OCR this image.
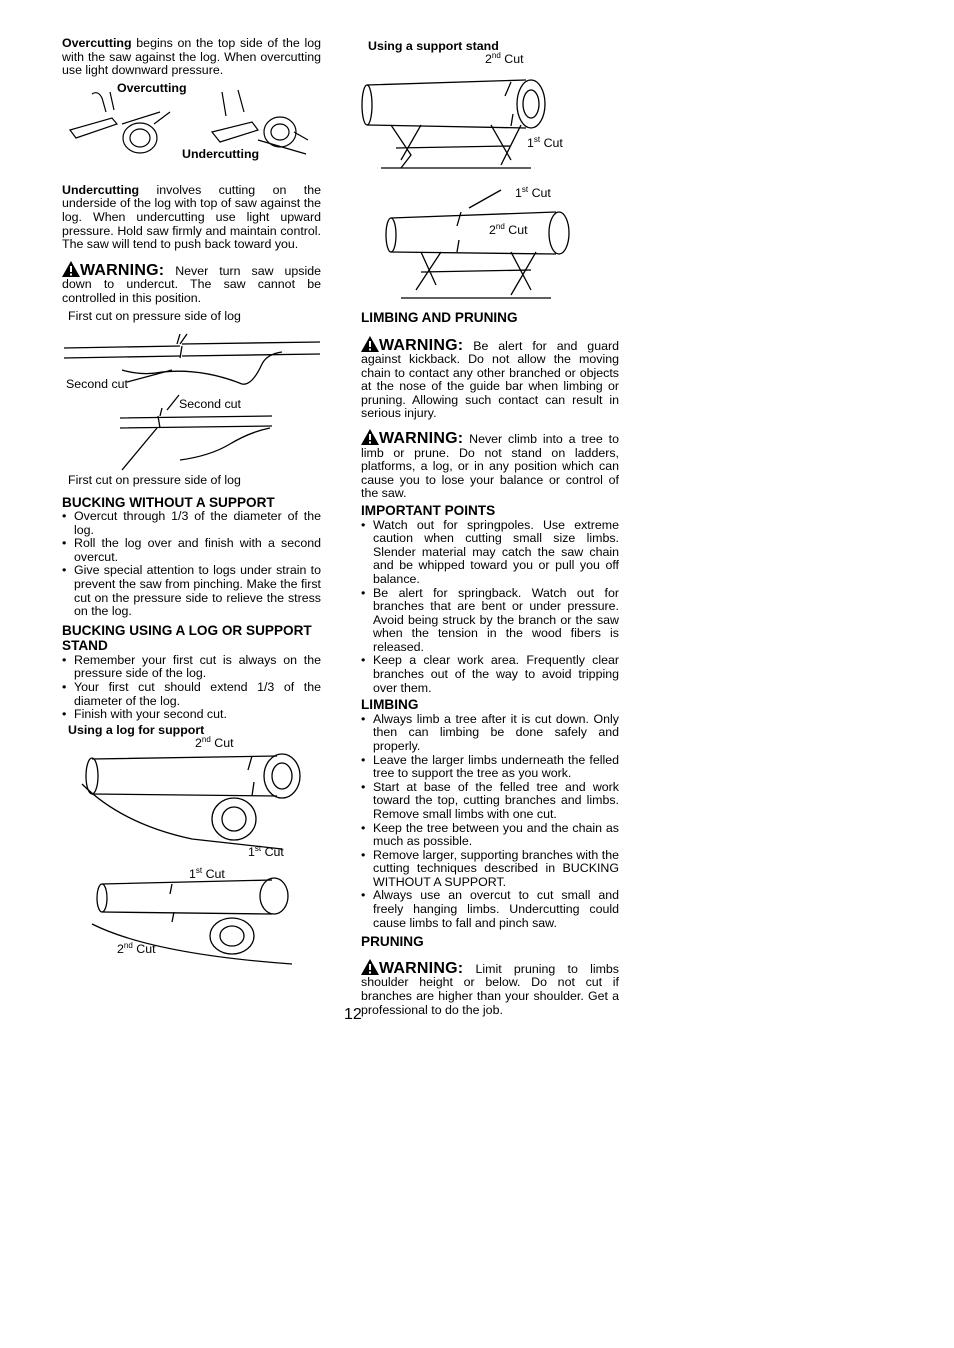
Overcutting begins on the top side of the log with the saw against the log. When overcutting use light downward pressure.

Overcutting
Undercutting

Undercutting involves cutting on the underside of the log with top of saw against the log. When undercutting use light upward pressure. Hold saw firmly and maintain control. The saw will tend to push back toward you.

WARNING: Never turn saw upside down to undercut. The saw cannot be controlled in this position.

First cut on pressure side of log
Second cut
Second cut
First cut on pressure side of log
BUCKING WITHOUT A SUPPORT
• Overcut through 1/3 of the diameter of the log.
• Roll the log over and finish with a second overcut.
• Give special attention to logs under strain to prevent the saw from pinching. Make the first cut on the pressure side to relieve the stress on the log.
BUCKING USING A LOG OR SUPPORT STAND
• Remember your first cut is always on the pressure side of the log.
• Your first cut should extend 1/3 of the diameter of the log.
• Finish with your second cut.
Using a log for support
2nd Cut
1st Cut
1st Cut
2nd Cut
Using a support stand
2nd Cut
1st Cut
1st Cut
2nd Cut
LIMBING AND PRUNING

WARNING: Be alert for and guard against kickback. Do not allow the moving chain to contact any other branched or objects at the nose of the guide bar when limbing or pruning. Allowing such contact can result in serious injury.

WARNING: Never climb into a tree to limb or prune. Do not stand on ladders, platforms, a log, or in any position which can cause you to lose your balance or control of the saw.

IMPORTANT POINTS
• Watch out for springpoles. Use extreme caution when cutting small size limbs. Slender material may catch the saw chain and be whipped toward you or pull you off balance.
• Be alert for springback. Watch out for branches that are bent or under pressure. Avoid being struck by the branch or the saw when the tension in the wood fibers is released.
• Keep a clear work area. Frequently clear branches out of the way to avoid tripping over them.
LIMBING
• Always limb a tree after it is cut down. Only then can limbing be done safely and properly.
• Leave the larger limbs underneath the felled tree to support the tree as you work.
• Start at base of the felled tree and work toward the top, cutting branches and limbs. Remove small limbs with one cut.
• Keep the tree between you and the chain as much as possible.
• Remove larger, supporting branches with the cutting techniques described in BUCKING WITHOUT A SUPPORT.
• Always use an overcut to cut small and freely hanging limbs. Undercutting could cause limbs to fall and pinch saw.
PRUNING

WARNING: Limit pruning to limbs shoulder height or below. Do not cut if branches are higher than your shoulder. Get a professional to do the job.

12
